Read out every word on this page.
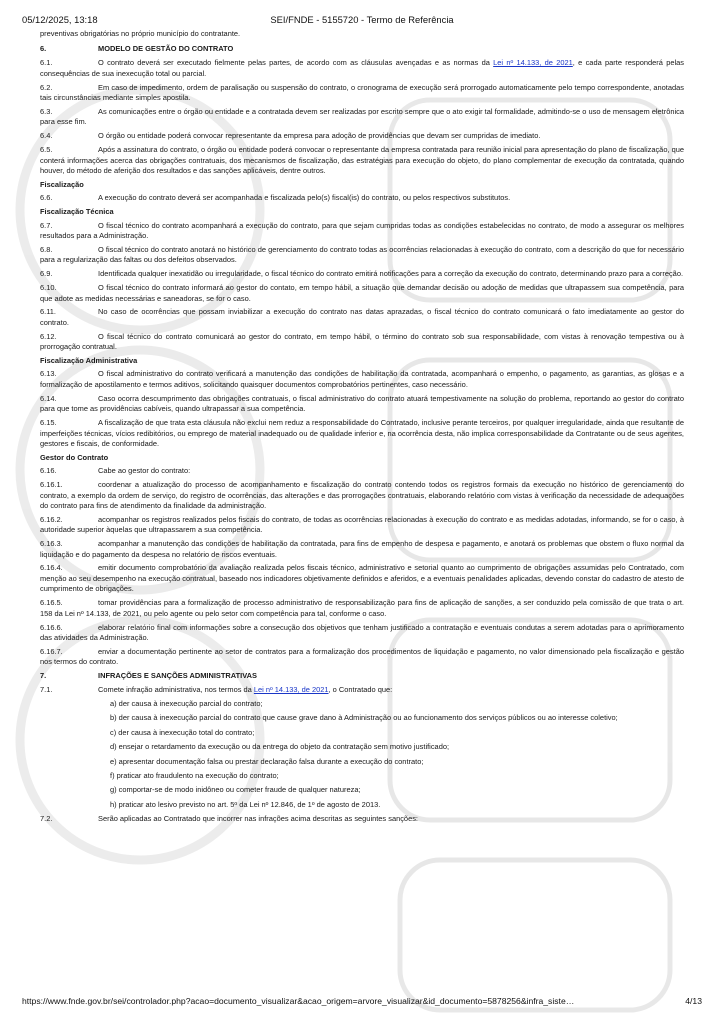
05/12/2025, 13:18	SEI/FNDE - 5155720 - Termo de Referência
preventivas obrigatórias no próprio município do contratante.
6.	MODELO DE GESTÃO DO CONTRATO
6.1.	O contrato deverá ser executado fielmente pelas partes, de acordo com as cláusulas avençadas e as normas da Lei nº 14.133, de 2021, e cada parte responderá pelas consequências de sua inexecução total ou parcial.
6.2.	Em caso de impedimento, ordem de paralisação ou suspensão do contrato, o cronograma de execução será prorrogado automaticamente pelo tempo correspondente, anotadas tais circunstâncias mediante simples apostila.
6.3.	As comunicações entre o órgão ou entidade e a contratada devem ser realizadas por escrito sempre que o ato exigir tal formalidade, admitindo-se o uso de mensagem eletrônica para esse fim.
6.4.	O órgão ou entidade poderá convocar representante da empresa para adoção de providências que devam ser cumpridas de imediato.
6.5.	Após a assinatura do contrato, o órgão ou entidade poderá convocar o representante da empresa contratada para reunião inicial para apresentação do plano de fiscalização, que conterá informações acerca das obrigações contratuais, dos mecanismos de fiscalização, das estratégias para execução do objeto, do plano complementar de execução da contratada, quando houver, do método de aferição dos resultados e das sanções aplicáveis, dentre outros.
Fiscalização
6.6.	A execução do contrato deverá ser acompanhada e fiscalizada pelo(s) fiscal(is) do contrato, ou pelos respectivos substitutos.
Fiscalização Técnica
6.7.	O fiscal técnico do contrato acompanhará a execução do contrato, para que sejam cumpridas todas as condições estabelecidas no contrato, de modo a assegurar os melhores resultados para a Administração.
6.8.	O fiscal técnico do contrato anotará no histórico de gerenciamento do contrato todas as ocorrências relacionadas à execução do contrato, com a descrição do que for necessário para a regularização das faltas ou dos defeitos observados.
6.9.	Identificada qualquer inexatidão ou irregularidade, o fiscal técnico do contrato emitirá notificações para a correção da execução do contrato, determinando prazo para a correção.
6.10.	O fiscal técnico do contrato informará ao gestor do contato, em tempo hábil, a situação que demandar decisão ou adoção de medidas que ultrapassem sua competência, para que adote as medidas necessárias e saneadoras, se for o caso.
6.11.	No caso de ocorrências que possam inviabilizar a execução do contrato nas datas aprazadas, o fiscal técnico do contrato comunicará o fato imediatamente ao gestor do contrato.
6.12.	O fiscal técnico do contrato comunicará ao gestor do contrato, em tempo hábil, o término do contrato sob sua responsabilidade, com vistas à renovação tempestiva ou à prorrogação contratual.
Fiscalização Administrativa
6.13.	O fiscal administrativo do contrato verificará a manutenção das condições de habilitação da contratada, acompanhará o empenho, o pagamento, as garantias, as glosas e a formalização de apostilamento e termos aditivos, solicitando quaisquer documentos comprobatórios pertinentes, caso necessário.
6.14.	Caso ocorra descumprimento das obrigações contratuais, o fiscal administrativo do contrato atuará tempestivamente na solução do problema, reportando ao gestor do contrato para que tome as providências cabíveis, quando ultrapassar a sua competência.
6.15.	A fiscalização de que trata esta cláusula não exclui nem reduz a responsabilidade do Contratado, inclusive perante terceiros, por qualquer irregularidade, ainda que resultante de imperfeições técnicas, vícios redibitórios, ou emprego de material inadequado ou de qualidade inferior e, na ocorrência desta, não implica corresponsabilidade da Contratante ou de seus agentes, gestores e fiscais, de conformidade.
Gestor do Contrato
6.16.	Cabe ao gestor do contrato:
6.16.1.	coordenar a atualização do processo de acompanhamento e fiscalização do contrato contendo todos os registros formais da execução no histórico de gerenciamento do contrato, a exemplo da ordem de serviço, do registro de ocorrências, das alterações e das prorrogações contratuais, elaborando relatório com vistas à verificação da necessidade de adequações do contrato para fins de atendimento da finalidade da administração.
6.16.2.	acompanhar os registros realizados pelos fiscais do contrato, de todas as ocorrências relacionadas à execução do contrato e as medidas adotadas, informando, se for o caso, à autoridade superior àquelas que ultrapassarem a sua competência.
6.16.3.	acompanhar a manutenção das condições de habilitação da contratada, para fins de empenho de despesa e pagamento, e anotará os problemas que obstem o fluxo normal da liquidação e do pagamento da despesa no relatório de riscos eventuais.
6.16.4.	emitir documento comprobatório da avaliação realizada pelos fiscais técnico, administrativo e setorial quanto ao cumprimento de obrigações assumidas pelo Contratado, com menção ao seu desempenho na execução contratual, baseado nos indicadores objetivamente definidos e aferidos, e a eventuais penalidades aplicadas, devendo constar do cadastro de atesto de cumprimento de obrigações.
6.16.5.	tomar providências para a formalização de processo administrativo de responsabilização para fins de aplicação de sanções, a ser conduzido pela comissão de que trata o art. 158 da Lei nº 14.133, de 2021, ou pelo agente ou pelo setor com competência para tal, conforme o caso.
6.16.6.	elaborar relatório final com informações sobre a consecução dos objetivos que tenham justificado a contratação e eventuais condutas a serem adotadas para o aprimoramento das atividades da Administração.
6.16.7.	enviar a documentação pertinente ao setor de contratos para a formalização dos procedimentos de liquidação e pagamento, no valor dimensionado pela fiscalização e gestão nos termos do contrato.
7.	INFRAÇÕES E SANÇÕES ADMINISTRATIVAS
7.1.	Comete infração administrativa, nos termos da Lei nº 14.133, de 2021, o Contratado que:
a) der causa à inexecução parcial do contrato;
b) der causa à inexecução parcial do contrato que cause grave dano à Administração ou ao funcionamento dos serviços públicos ou ao interesse coletivo;
c) der causa à inexecução total do contrato;
d) ensejar o retardamento da execução ou da entrega do objeto da contratação sem motivo justificado;
e) apresentar documentação falsa ou prestar declaração falsa durante a execução do contrato;
f) praticar ato fraudulento na execução do contrato;
g) comportar-se de modo inidôneo ou cometer fraude de qualquer natureza;
h) praticar ato lesivo previsto no art. 5º da Lei nº 12.846, de 1º de agosto de 2013.
7.2.	Serão aplicadas ao Contratado que incorrer nas infrações acima descritas as seguintes sanções:
https://www.fnde.gov.br/sei/controlador.php?acao=documento_visualizar&acao_origem=arvore_visualizar&id_documento=5878256&infra_siste…	4/13
